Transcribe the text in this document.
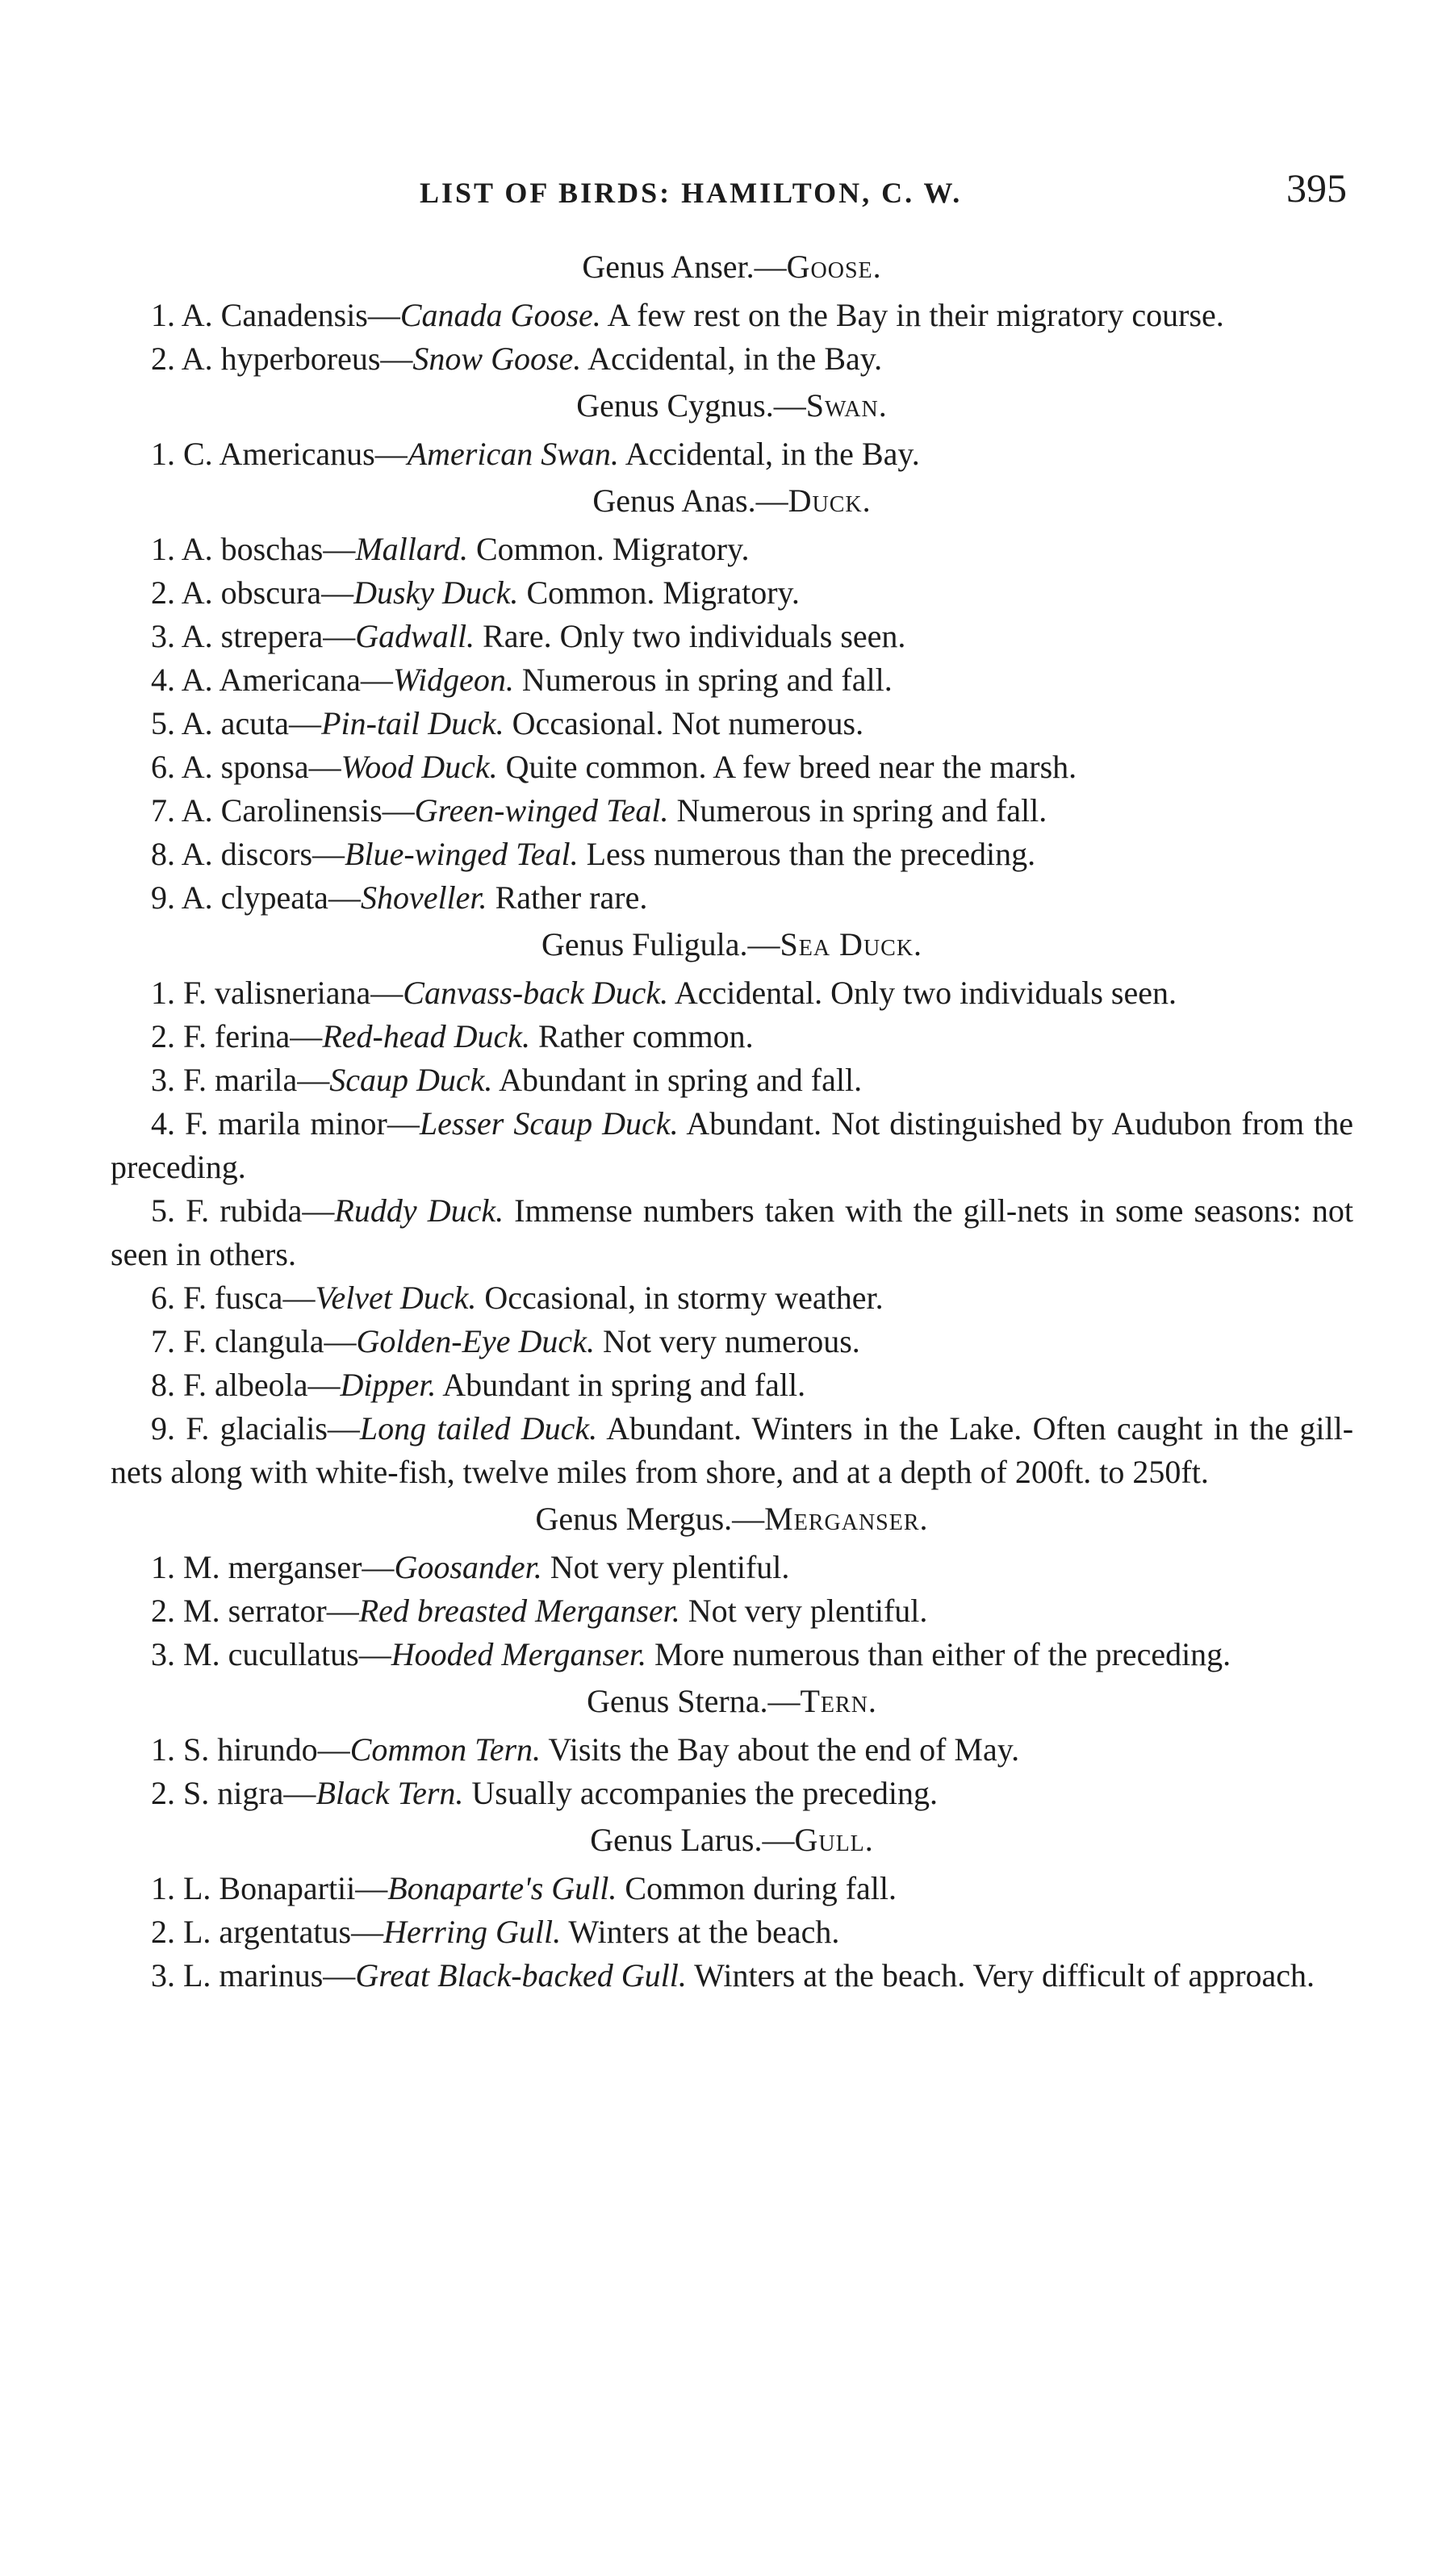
LIST OF BIRDS: HAMILTON, C. W.	395
Genus Anser.—Goose.

1. A. Canadensis—Canada Goose. A few rest on the Bay in their migratory course.

2. A. hyperboreus—Snow Goose. Accidental, in the Bay.

Genus Cygnus.—Swan.

1. C. Americanus—American Swan. Accidental, in the Bay.

Genus Anas.—Duck.

1. A. boschas—Mallard. Common. Migratory.

2. A. obscura—Dusky Duck. Common. Migratory.

3. A. strepera—Gadwall. Rare. Only two individuals seen.

4. A. Americana—Widgeon. Numerous in spring and fall.

5. A. acuta—Pin-tail Duck. Occasional. Not numerous.

6. A. sponsa—Wood Duck. Quite common. A few breed near the marsh.

7. A. Carolinensis—Green-winged Teal. Numerous in spring and fall.

8. A. discors—Blue-winged Teal. Less numerous than the preceding.

9. A. clypeata—Shoveller. Rather rare.

Genus Fuligula.—Sea Duck.

1. F. valisneriana—Canvass-back Duck. Accidental. Only two individuals seen.

2. F. ferina—Red-head Duck. Rather common.

3. F. marila—Scaup Duck. Abundant in spring and fall.

4. F. marila minor—Lesser Scaup Duck. Abundant. Not distinguished by Audubon from the preceding.

5. F. rubida—Ruddy Duck. Immense numbers taken with the gill-nets in some seasons: not seen in others.

6. F. fusca—Velvet Duck. Occasional, in stormy weather.

7. F. clangula—Golden-Eye Duck. Not very numerous.

8. F. albeola—Dipper. Abundant in spring and fall.

9. F. glacialis—Long tailed Duck. Abundant. Winters in the Lake. Often caught in the gill-nets along with white-fish, twelve miles from shore, and at a depth of 200ft. to 250ft.

Genus Mergus.—Merganser.

1. M. merganser—Goosander. Not very plentiful.

2. M. serrator—Red breasted Merganser. Not very plentiful.

3. M. cucullatus—Hooded Merganser. More numerous than either of the preceding.

Genus Sterna.—Tern.

1. S. hirundo—Common Tern. Visits the Bay about the end of May.

2. S. nigra—Black Tern. Usually accompanies the preceding.

Genus Larus.—Gull.

1. L. Bonapartii—Bonaparte's Gull. Common during fall.

2. L. argentatus—Herring Gull. Winters at the beach.

3. L. marinus—Great Black-backed Gull. Winters at the beach. Very difficult of approach.
